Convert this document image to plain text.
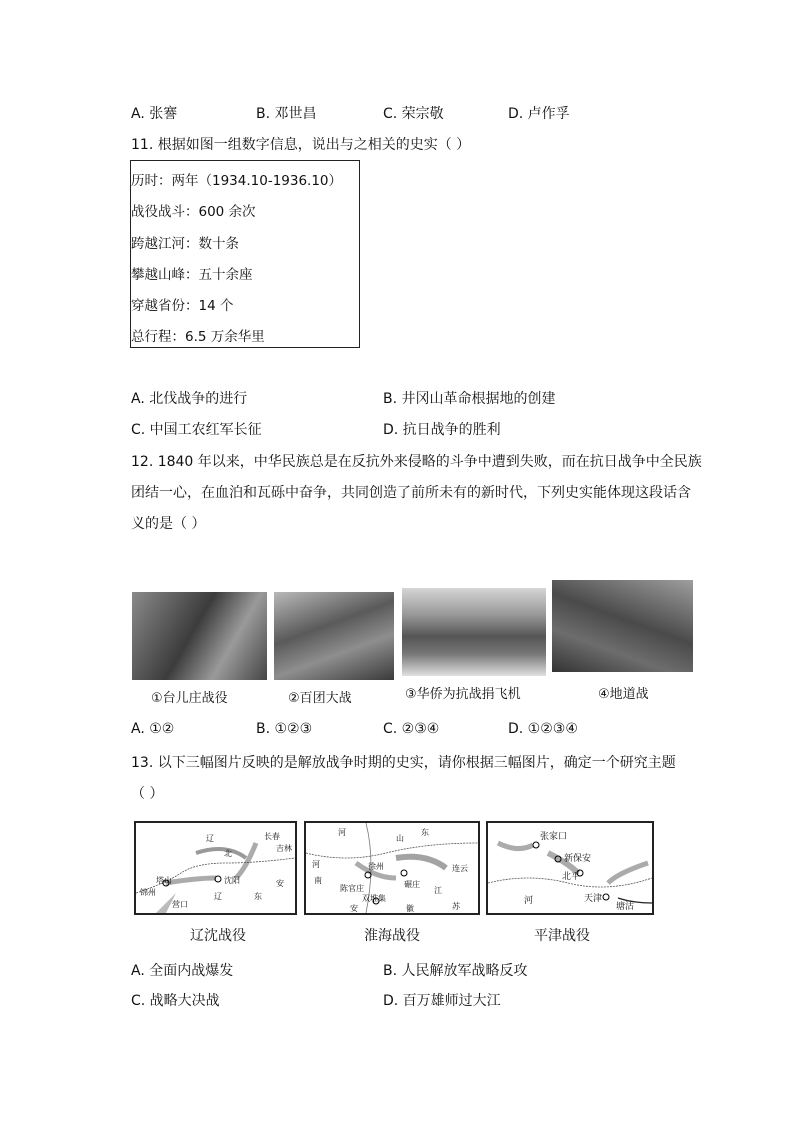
A. 张謇	B. 邓世昌	C. 荣宗敬	D. 卢作孚
11. 根据如图一组数字信息，说出与之相关的史实（ ）
历时：两年（1934.10-1936.10）
战役战斗：600 余次
跨越江河：数十条
攀越山峰：五十余座
穿越省份：14 个
总行程：6.5 万余华里
A. 北伐战争的进行	B. 井冈山革命根据地的创建
C. 中国工农红军长征	D. 抗日战争的胜利
12. 1840 年以来，中华民族总是在反抗外来侵略的斗争中遭到失败，而在抗日战争中全民族
团结一心，在血泊和瓦砾中奋争，共同创造了前所未有的新时代，下列史实能体现这段话含
义的是（ ）
①台儿庄战役	②百团大战	③华侨为抗战捐飞机	④地道战
A. ①②	B. ①②③	C. ②③④	D. ①②③④
13. 以下三幅图片反映的是解放战争时期的史实，请你根据三幅图片，确定一个研究主题
（ ）
辽
北
长春
吉林
锦州
塔山	沈阳
营口
辽	东
安
河
山
东
徐州
碾庄
连云
河
南
陈官庄
双堆集
安	徽
江
苏
张家口
新保安
北平
天津
塘沽
河
辽沈战役	淮海战役	平津战役
A. 全面内战爆发	B. 人民解放军战略反攻
C. 战略大决战	D. 百万雄师过大江
